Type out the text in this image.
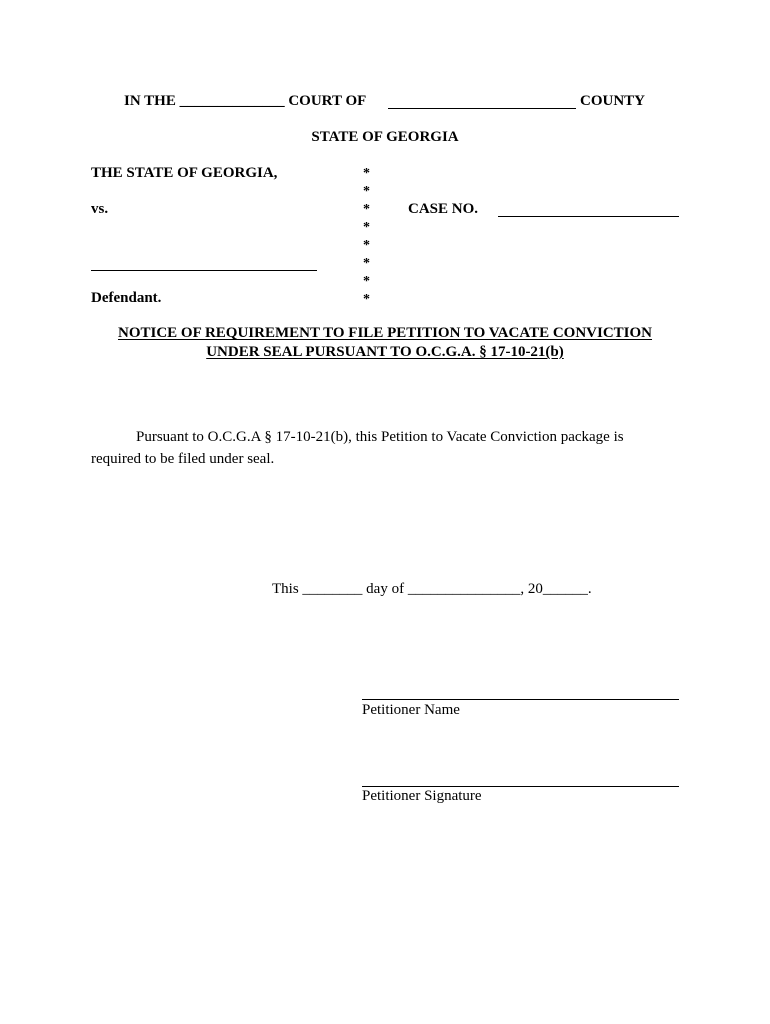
IN THE ______________ COURT OF	COUNTY
STATE OF GEORGIA
THE STATE OF GEORGIA,
vs.
Defendant.
*
*
*
*
*
*
*
*
CASE NO.
NOTICE OF REQUIREMENT TO FILE PETITION TO VACATE CONVICTION
UNDER SEAL PURSUANT TO O.C.G.A. § 17-10-21(b)
Pursuant to O.C.G.A § 17-10-21(b), this Petition to Vacate Conviction package is
required to be filed under seal.
This ________ day of _______________, 20______.
Petitioner Name
Petitioner Signature
